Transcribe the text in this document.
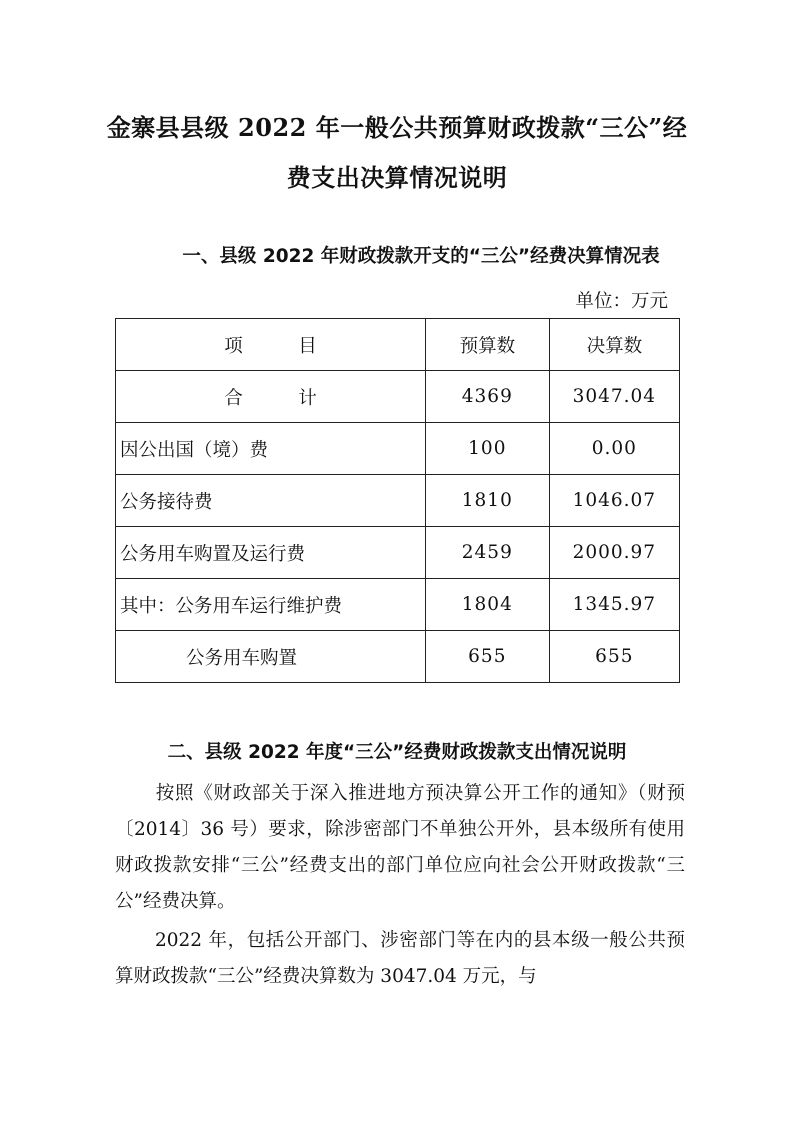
金寨县县级 2022 年一般公共预算财政拨款“三公”经
费支出决算情况说明
一、县级 2022 年财政拨款开支的“三公”经费决算情况表
单位：万元
项　　　目	预算数	决算数
合　　　计	4369	3047.04
因公出国（境）费	100	0.00
公务接待费	1810	1046.07
公务用车购置及运行费	2459	2000.97
其中：公务用车运行维护费	1804	1345.97
公务用车购置	655	655
二、县级 2022 年度“三公”经费财政拨款支出情况说明
按照《财政部关于深入推进地方预决算公开工作的通知》（财预〔2014〕36 号）要求，除涉密部门不单独公开外，县本级所有使用财政拨款安排“三公”经费支出的部门单位应向社会公开财政拨款“三公”经费决算。
2022 年，包括公开部门、涉密部门等在内的县本级一般公共预算财政拨款“三公”经费决算数为 3047.04 万元，与
